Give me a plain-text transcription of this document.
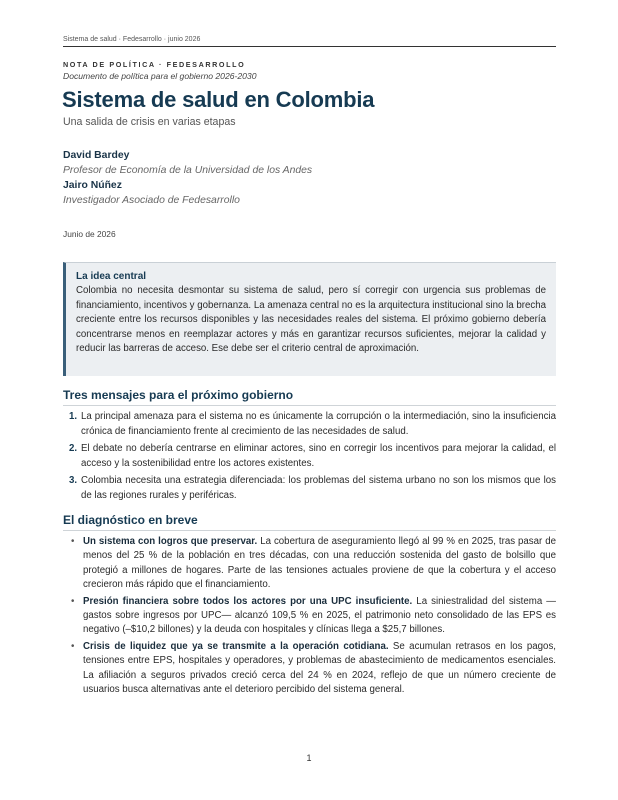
Sistema de salud · Fedesarrollo · junio 2026
NOTA DE POLÍTICA · FEDESARROLLO
Documento de política para el gobierno 2026-2030
Sistema de salud en Colombia
Una salida de crisis en varias etapas
David Bardey
Profesor de Economía de la Universidad de los Andes
Jairo Núñez
Investigador Asociado de Fedesarrollo
Junio de 2026
La idea central
Colombia no necesita desmontar su sistema de salud, pero sí corregir con urgencia sus problemas de financiamiento, incentivos y gobernanza. La amenaza central no es la arquitectura institucional sino la brecha creciente entre los recursos disponibles y las necesidades reales del sistema. El próximo gobierno debería concentrarse menos en reemplazar actores y más en garantizar recursos suficientes, mejorar la calidad y reducir las barreras de acceso. Ese debe ser el criterio central de aproximación.
Tres mensajes para el próximo gobierno
1. La principal amenaza para el sistema no es únicamente la corrupción o la intermediación, sino la insuficiencia crónica de financiamiento frente al crecimiento de las necesidades de salud.
2. El debate no debería centrarse en eliminar actores, sino en corregir los incentivos para mejorar la calidad, el acceso y la sostenibilidad entre los actores existentes.
3. Colombia necesita una estrategia diferenciada: los problemas del sistema urbano no son los mismos que los de las regiones rurales y periféricas.
El diagnóstico en breve
• Un sistema con logros que preservar. La cobertura de aseguramiento llegó al 99 % en 2025, tras pasar de menos del 25 % de la población en tres décadas, con una reducción sostenida del gasto de bolsillo que protegió a millones de hogares. Parte de las tensiones actuales proviene de que la cobertura y el acceso crecieron más rápido que el financiamiento.
• Presión financiera sobre todos los actores por una UPC insuficiente. La siniestralidad del sistema —gastos sobre ingresos por UPC— alcanzó 109,5 % en 2025, el patrimonio neto consolidado de las EPS es negativo (–$10,2 billones) y la deuda con hospitales y clínicas llega a $25,7 billones.
• Crisis de liquidez que ya se transmite a la operación cotidiana. Se acumulan retrasos en los pagos, tensiones entre EPS, hospitales y operadores, y problemas de abastecimiento de medicamentos esenciales. La afiliación a seguros privados creció cerca del 24 % en 2024, reflejo de que un número creciente de usuarios busca alternativas ante el deterioro percibido del sistema general.
1
